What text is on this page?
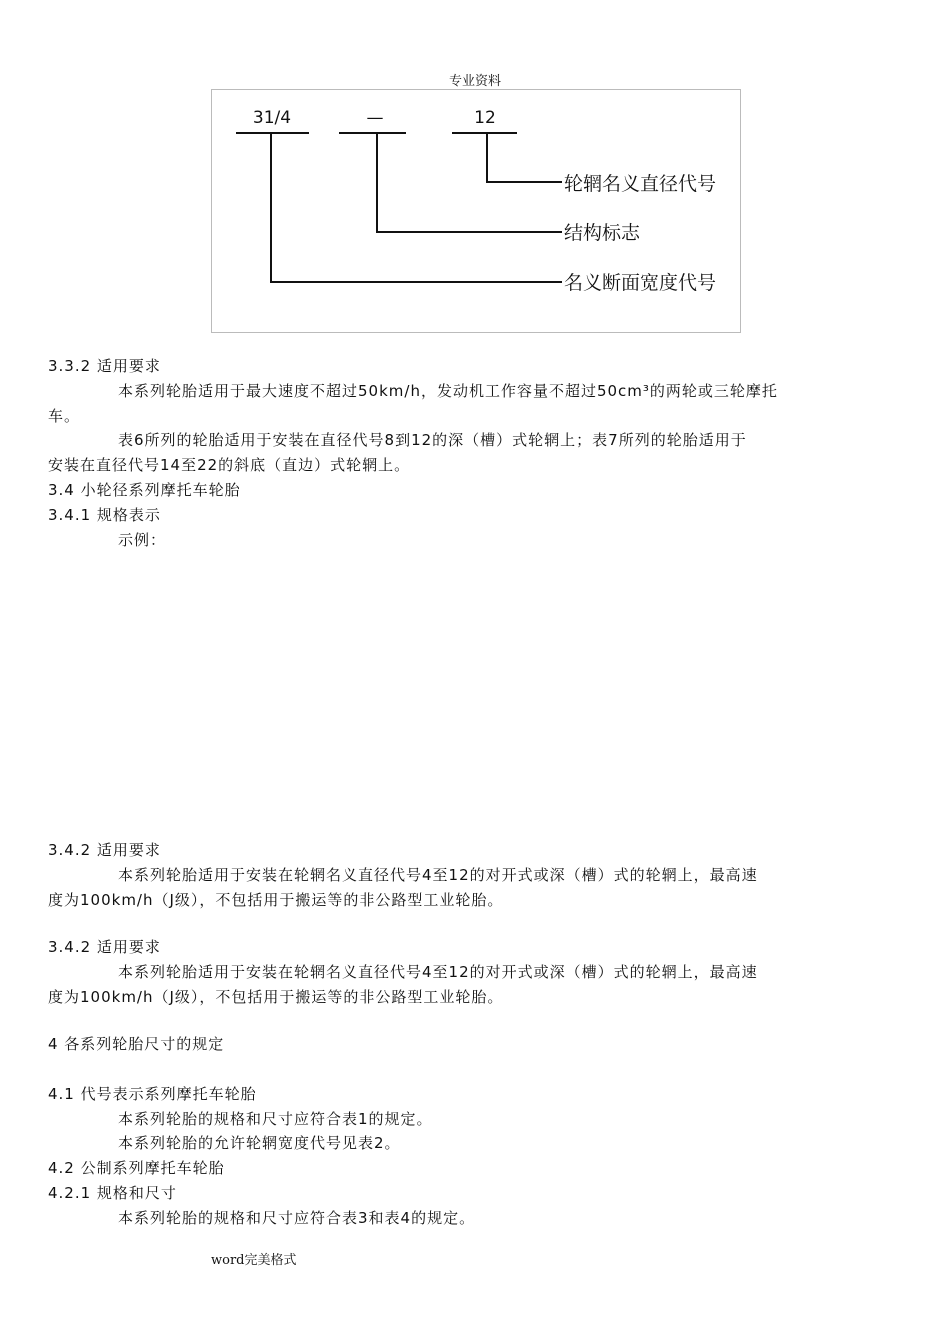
专业资料
31/4	—	12
轮辋名义直径代号
结构标志
名义断面宽度代号
3.3.2 适用要求
本系列轮胎适用于最大速度不超过50km/h，发动机工作容量不超过50cm³的两轮或三轮摩托
车。
表6所列的轮胎适用于安装在直径代号8到12的深（槽）式轮辋上；表7所列的轮胎适用于
安装在直径代号14至22的斜底（直边）式轮辋上。
3.4 小轮径系列摩托车轮胎
3.4.1 规格表示
示例：
3.4.2 适用要求
本系列轮胎适用于安装在轮辋名义直径代号4至12的对开式或深（槽）式的轮辋上，最高速
度为100km/h（J级），不包括用于搬运等的非公路型工业轮胎。
3.4.2 适用要求
本系列轮胎适用于安装在轮辋名义直径代号4至12的对开式或深（槽）式的轮辋上，最高速
度为100km/h（J级），不包括用于搬运等的非公路型工业轮胎。
4 各系列轮胎尺寸的规定
4.1 代号表示系列摩托车轮胎
本系列轮胎的规格和尺寸应符合表1的规定。
本系列轮胎的允许轮辋宽度代号见表2。
4.2 公制系列摩托车轮胎
4.2.1 规格和尺寸
本系列轮胎的规格和尺寸应符合表3和表4的规定。
word完美格式
